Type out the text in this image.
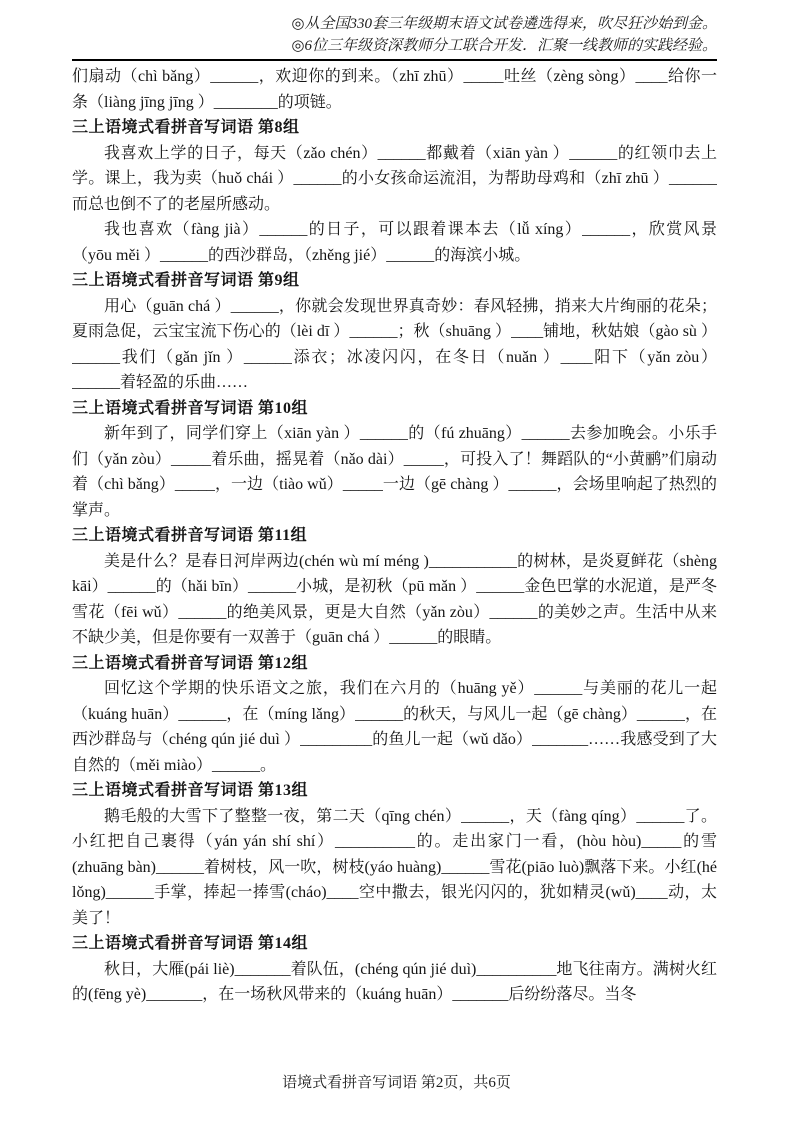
◎从全国330套三年级期末语文试卷遴选得来，吹尽狂沙始到金。
◎6位三年级资深教师分工联合开发．汇聚一线教师的实践经验。

们扇动（chì bǎng）______，欢迎你的到来。（zhī zhū）_____吐丝（zèng sòng）____给你一条（liàng jīng jīng ）________的项链。

三上语境式看拼音写词语 第8组

我喜欢上学的日子，每天（zǎo chén）______都戴着（xiān yàn ）______的红领巾去上学。课上，我为卖（huǒ chái ）______的小女孩命运流泪，为帮助母鸡和（zhī zhū ）______而总也倒不了的老屋所感动。

我也喜欢（fàng jià）______的日子，可以跟着课本去（lǚ xíng）______，欣赏风景（yōu měi ）______的西沙群岛，（zhěng jié）______的海滨小城。

三上语境式看拼音写词语 第9组

用心（guān chá ）______，你就会发现世界真奇妙：春风轻拂，捎来大片绚丽的花朵；夏雨急促，云宝宝流下伤心的（lèi dī ）______；秋（shuāng ）____铺地，秋姑娘（gào sù ）______我们（gǎn jǐn ）______添衣；冰凌闪闪，在冬日（nuǎn ）____阳下（yǎn zòu）______着轻盈的乐曲……

三上语境式看拼音写词语 第10组

新年到了，同学们穿上（xiān yàn ）______的（fú zhuāng）______去参加晚会。小乐手们（yǎn zòu）_____着乐曲，摇晃着（nǎo dài）_____，可投入了！舞蹈队的“小黄鹂”们扇动着（chì bǎng）_____，一边（tiào wǔ）_____一边（gē chàng ）______，会场里响起了热烈的掌声。

三上语境式看拼音写词语 第11组

美是什么？是春日河岸两边(chén wù mí méng )___________的树林，是炎夏鲜花（shèng kāi）______的（hǎi bīn）______小城，是初秋（pū mǎn ）______金色巴掌的水泥道，是严冬雪花（fēi wǔ）______的绝美风景，更是大自然（yǎn zòu）______的美妙之声。生活中从来不缺少美，但是你要有一双善于（guān chá ）______的眼睛。

三上语境式看拼音写词语 第12组

回忆这个学期的快乐语文之旅，我们在六月的（huāng yě）______与美丽的花儿一起（kuáng huān）______，在（míng lǎng）______的秋天，与风儿一起（gē chàng）______，在西沙群岛与（chéng qún jié duì ）_________的鱼儿一起（wǔ dǎo）_______……我感受到了大自然的（měi miào）______。

三上语境式看拼音写词语 第13组

鹅毛般的大雪下了整整一夜，第二天（qīng chén）______，天（fàng qíng）______了。小红把自己裹得（yán yán shí shí）__________的。走出家门一看，(hòu hòu)_____的雪(zhuāng bàn)______着树枝，风一吹，树枝(yáo huàng)______雪花(piāo luò)飘落下来。小红(hé lǒng)______手掌，捧起一捧雪(cháo)____空中撒去，银光闪闪的，犹如精灵(wǔ)____动，太美了！

三上语境式看拼音写词语 第14组

秋日，大雁(pái liè)_______着队伍，(chéng qún jié duì)__________地飞往南方。满树火红的(fēng yè)_______，在一场秋风带来的（kuáng huān）_______后纷纷落尽。当冬

语境式看拼音写词语 第2页，共6页
